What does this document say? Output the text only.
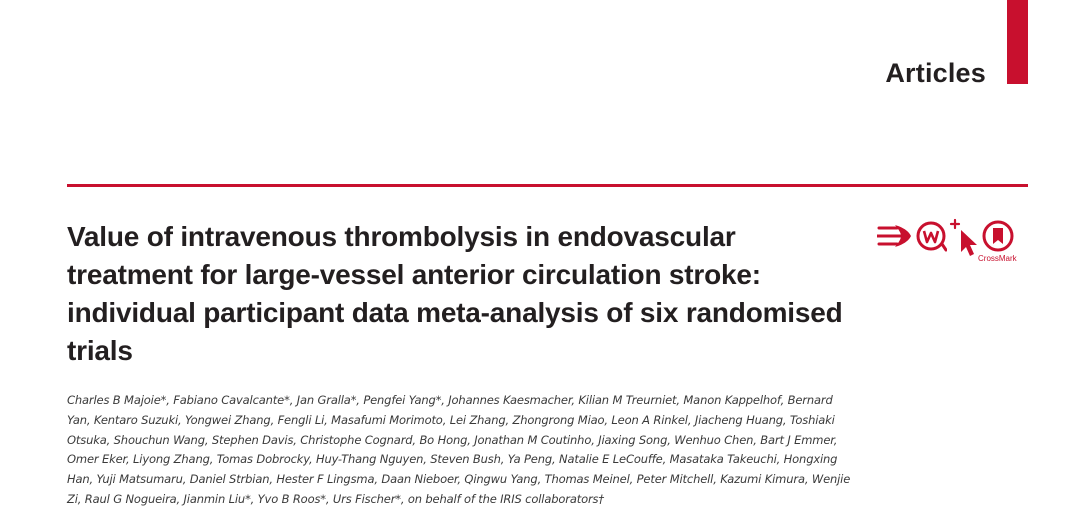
Articles
Value of intravenous thrombolysis in endovascular treatment for large-vessel anterior circulation stroke: individual participant data meta-analysis of six randomised trials

Charles B Majoie*, Fabiano Cavalcante*, Jan Gralla*, Pengfei Yang*, Johannes Kaesmacher, Kilian M Treurniet, Manon Kappelhof, Bernard Yan, Kentaro Suzuki, Yongwei Zhang, Fengli Li, Masafumi Morimoto, Lei Zhang, Zhongrong Miao, Leon A Rinkel, Jiacheng Huang, Toshiaki Otsuka, Shouchun Wang, Stephen Davis, Christophe Cognard, Bo Hong, Jonathan M Coutinho, Jiaxing Song, Wenhuo Chen, Bart J Emmer, Omer Eker, Liyong Zhang, Tomas Dobrocky, Huy-Thang Nguyen, Steven Bush, Ya Peng, Natalie E LeCouffe, Masataka Takeuchi, Hongxing Han, Yuji Matsumaru, Daniel Strbian, Hester F Lingsma, Daan Nieboer, Qingwu Yang, Thomas Meinel, Peter Mitchell, Kazumi Kimura, Wenjie Zi, Raul G Nogueira, Jianmin Liu*, Yvo B Roos*, Urs Fischer*, on behalf of the IRIS collaborators†

CrossMark
